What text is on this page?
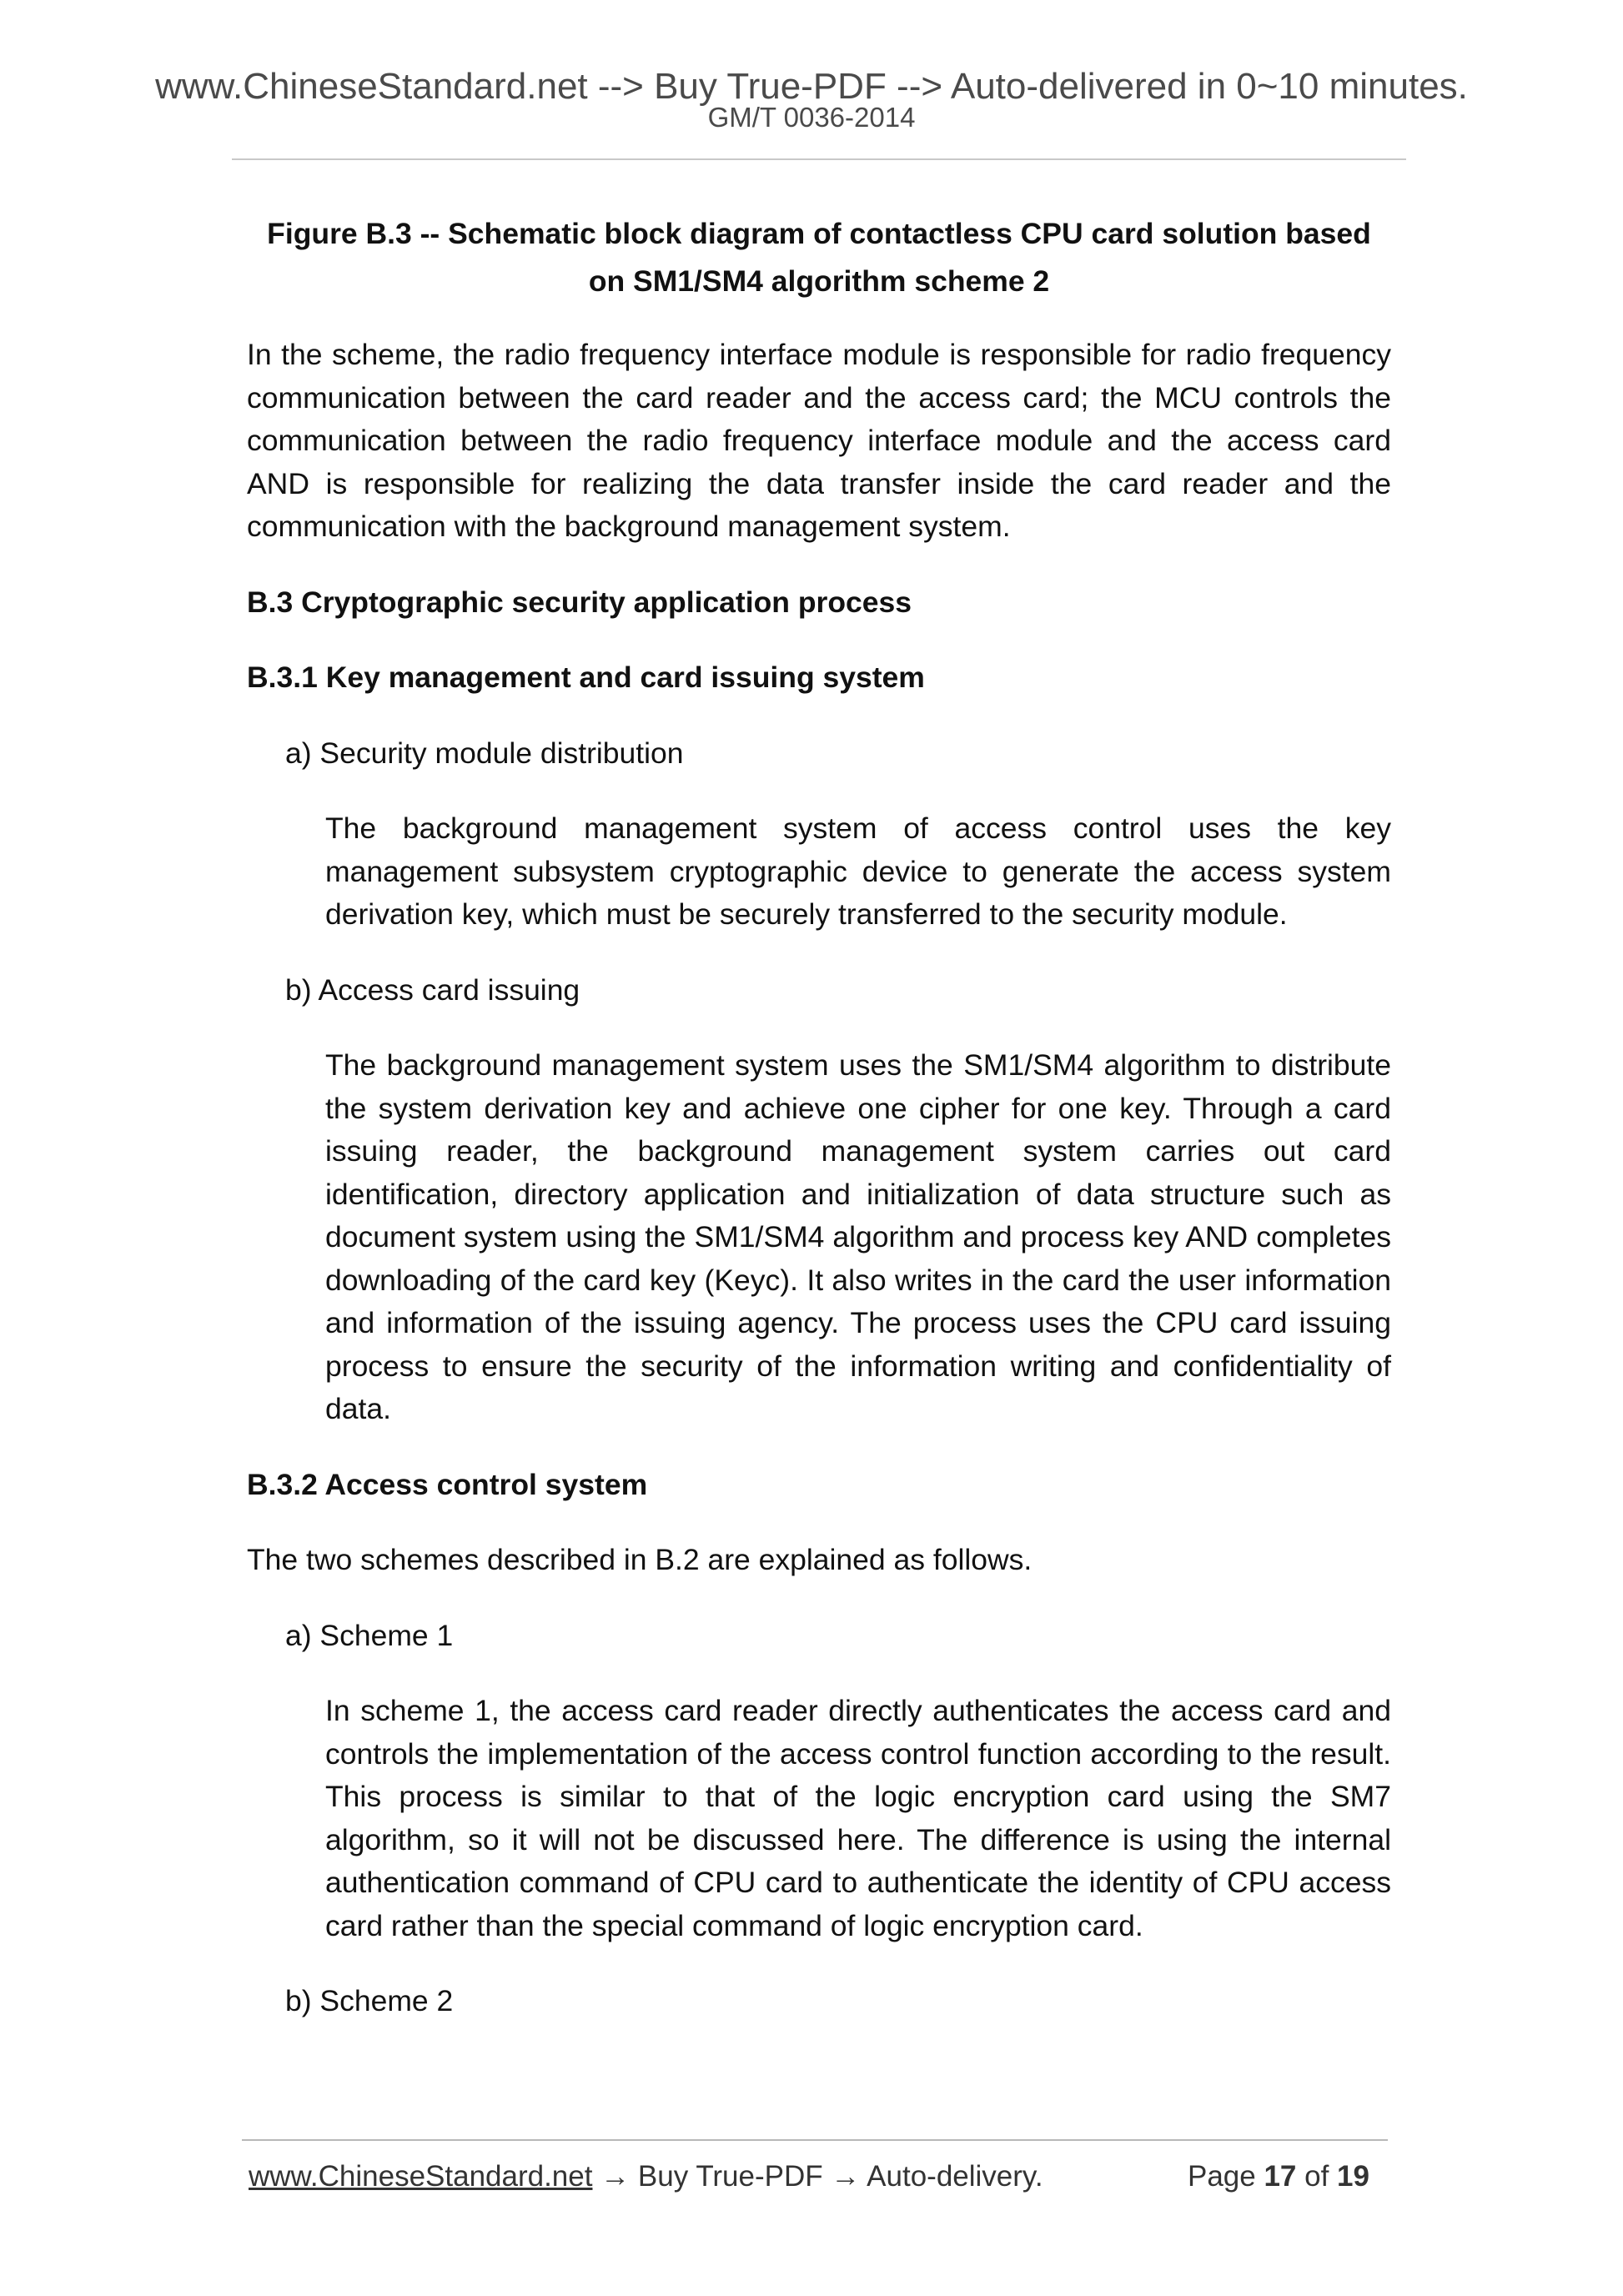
www.ChineseStandard.net --> Buy True-PDF --> Auto-delivered in 0~10 minutes.
GM/T 0036-2014

Figure B.3 -- Schematic block diagram of contactless CPU card solution based on SM1/SM4 algorithm scheme 2

In the scheme, the radio frequency interface module is responsible for radio frequency communication between the card reader and the access card; the MCU controls the communication between the radio frequency interface module and the access card AND is responsible for realizing the data transfer inside the card reader and the communication with the background management system.

B.3 Cryptographic security application process

B.3.1 Key management and card issuing system

a) Security module distribution

The background management system of access control uses the key management subsystem cryptographic device to generate the access system derivation key, which must be securely transferred to the security module.

b) Access card issuing

The background management system uses the SM1/SM4 algorithm to distribute the system derivation key and achieve one cipher for one key. Through a card issuing reader, the background management system carries out card identification, directory application and initialization of data structure such as document system using the SM1/SM4 algorithm and process key AND completes downloading of the card key (Keyc). It also writes in the card the user information and information of the issuing agency. The process uses the CPU card issuing process to ensure the security of the information writing and confidentiality of data.

B.3.2 Access control system

The two schemes described in B.2 are explained as follows.

a) Scheme 1

In scheme 1, the access card reader directly authenticates the access card and controls the implementation of the access control function according to the result. This process is similar to that of the logic encryption card using the SM7 algorithm, so it will not be discussed here. The difference is using the internal authentication command of CPU card to authenticate the identity of CPU access card rather than the special command of logic encryption card.

b) Scheme 2

www.ChineseStandard.net → Buy True-PDF → Auto-delivery.	Page 17 of 19
